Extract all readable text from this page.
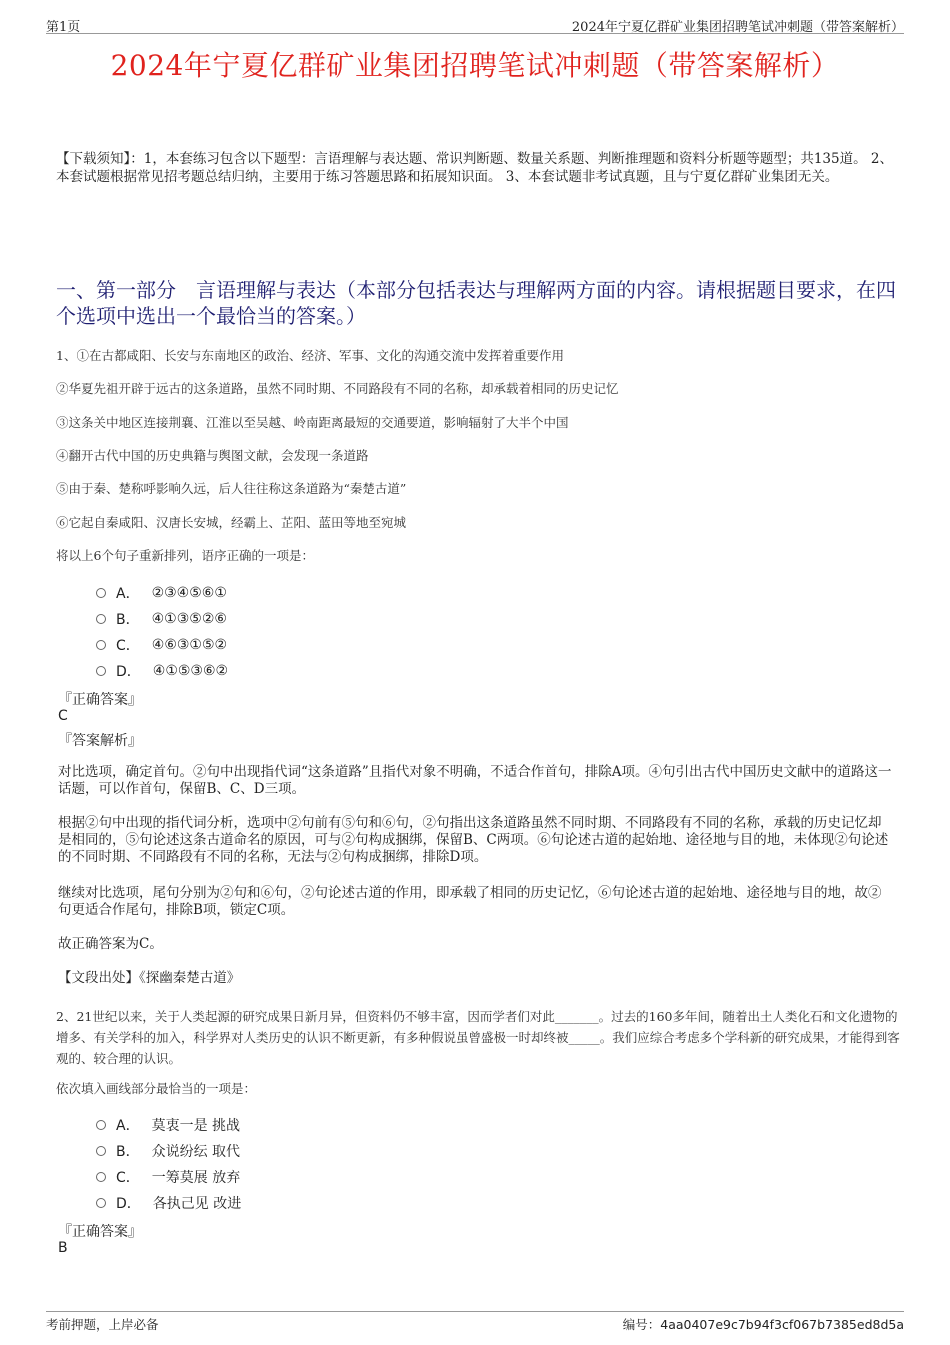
第1页	2024年宁夏亿群矿业集团招聘笔试冲刺题（带答案解析）
2024年宁夏亿群矿业集团招聘笔试冲刺题（带答案解析）
【下载须知】：1，本套练习包含以下题型：言语理解与表达题、常识判断题、数量关系题、判断推理题和资料分析题等题型；共135道。 2、本套试题根据常见招考题总结归纳，主要用于练习答题思路和拓展知识面。 3、本套试题非考试真题，且与宁夏亿群矿业集团无关。
一、第一部分　言语理解与表达（本部分包括表达与理解两方面的内容。请根据题目要求，在四个选项中选出一个最恰当的答案。）
1、①在古都咸阳、长安与东南地区的政治、经济、军事、文化的沟通交流中发挥着重要作用
②华夏先祖开辟于远古的这条道路，虽然不同时期、不同路段有不同的名称，却承载着相同的历史记忆
③这条关中地区连接荆襄、江淮以至吴越、岭南距离最短的交通要道，影响辐射了大半个中国
④翻开古代中国的历史典籍与舆图文献，会发现一条道路
⑤由于秦、楚称呼影响久远，后人往往称这条道路为“秦楚古道”
⑥它起自秦咸阳、汉唐长安城，经霸上、芷阳、蓝田等地至宛城
将以上6个句子重新排列，语序正确的一项是：
A． ②③④⑤⑥①
B． ④①③⑤②⑥
C． ④⑥③①⑤②
D． ④①⑤③⑥②
『正确答案』
C
『答案解析』
对比选项，确定首句。②句中出现指代词“这条道路”且指代对象不明确，不适合作首句，排除A项。④句引出古代中国历史文献中的道路这一话题，可以作首句，保留B、C、D三项。
根据②句中出现的指代词分析，选项中②句前有⑤句和⑥句，②句指出这条道路虽然不同时期、不同路段有不同的名称，承载的历史记忆却是相同的，⑤句论述这条古道命名的原因，可与②句构成捆绑，保留B、C两项。⑥句论述古道的起始地、途径地与目的地，未体现②句论述的不同时期、不同路段有不同的名称，无法与②句构成捆绑，排除D项。
继续对比选项，尾句分别为②句和⑥句，②句论述古道的作用，即承载了相同的历史记忆，⑥句论述古道的起始地、途径地与目的地，故②句更适合作尾句，排除B项，锁定C项。
故正确答案为C。
【文段出处】《探幽秦楚古道》
2、21世纪以来，关于人类起源的研究成果日新月异，但资料仍不够丰富，因而学者们对此_______。过去的160多年间，随着出土人类化石和文化遗物的增多、有关学科的加入，科学界对人类历史的认识不断更新，有多种假说虽曾盛极一时却终被_____。我们应综合考虑多个学科新的研究成果，才能得到客观的、较合理的认识。
依次填入画线部分最恰当的一项是：
A． 莫衷一是 挑战
B． 众说纷纭 取代
C． 一筹莫展 放弃
D． 各执己见 改进
『正确答案』
B
考前押题，上岸必备	编号：4aa0407e9c7b94f3cf067b7385ed8d5a
